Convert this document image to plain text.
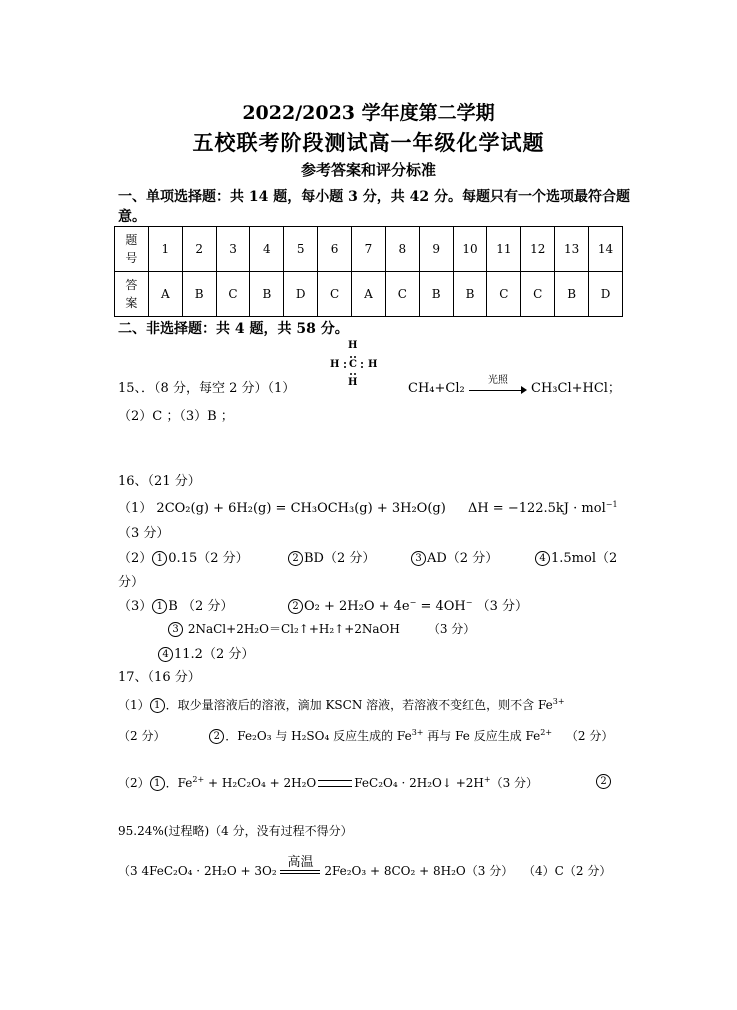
2022/2023 学年度第二学期
五校联考阶段测试高一年级化学试题
参考答案和评分标准
一、单项选择题：共 14 题，每小题 3 分，共 42 分。每题只有一个选项最符合题
意。
题
号	1	2	3	4	5	6	7	8	9	10	11	12	13	14
答
案	A	B	C	B	D	C	A	C	B	B	C	C	B	D
二、非选择题：共 4 题，共 58 分。
H
H C H
H
15、．（8 分，每空 2 分）（1）	CH₄+Cl₂
光照
CH₃Cl+HCl；
（2）C ；（3）B ；
16、（21 分）
（1） 2CO₂(g) + 6H₂(g) = CH₃OCH₃(g) + 3H₂O(g) ΔH = −122.5kJ · mol$^{-1}$
（3 分）
（2） 1 0.15（2 分）	2 BD（2 分）	3 AD（2 分）	4 1.5mol（2
分）
（3） 1 B （2 分）	2 O₂ + 2H₂O + 4e− = 4OH− （3 分）
3 2NaCl+2H₂O＝Cl₂↑+H₂↑+2NaOH （3 分）
4 11.2（2 分）
17、（16 分）
（1） 1 ．取少量溶液后的溶液，滴加 KSCN 溶液，若溶液不变红色，则不含 $Fe^{3+}$
（2 分）	2 ．Fe₂O₃ 与 H₂SO₄ 反应生成的 $Fe^{3+}$ 再与 Fe 反应生成 $Fe^{2+}$ （2 分）
（2） 1 ．$Fe^{2+} + H_2C_2O_4 + 2H_2O$	FeC₂O₄ · 2H₂O↓ +2H+（3 分）	2
95.24%(过程略)（4 分，没有过程不得分）
（3 4FeC₂O₄ · 2H₂O + 3O₂
高温
2Fe₂O₃ + 8CO₂ + 8H₂O（3 分） （4）C（2 分）
